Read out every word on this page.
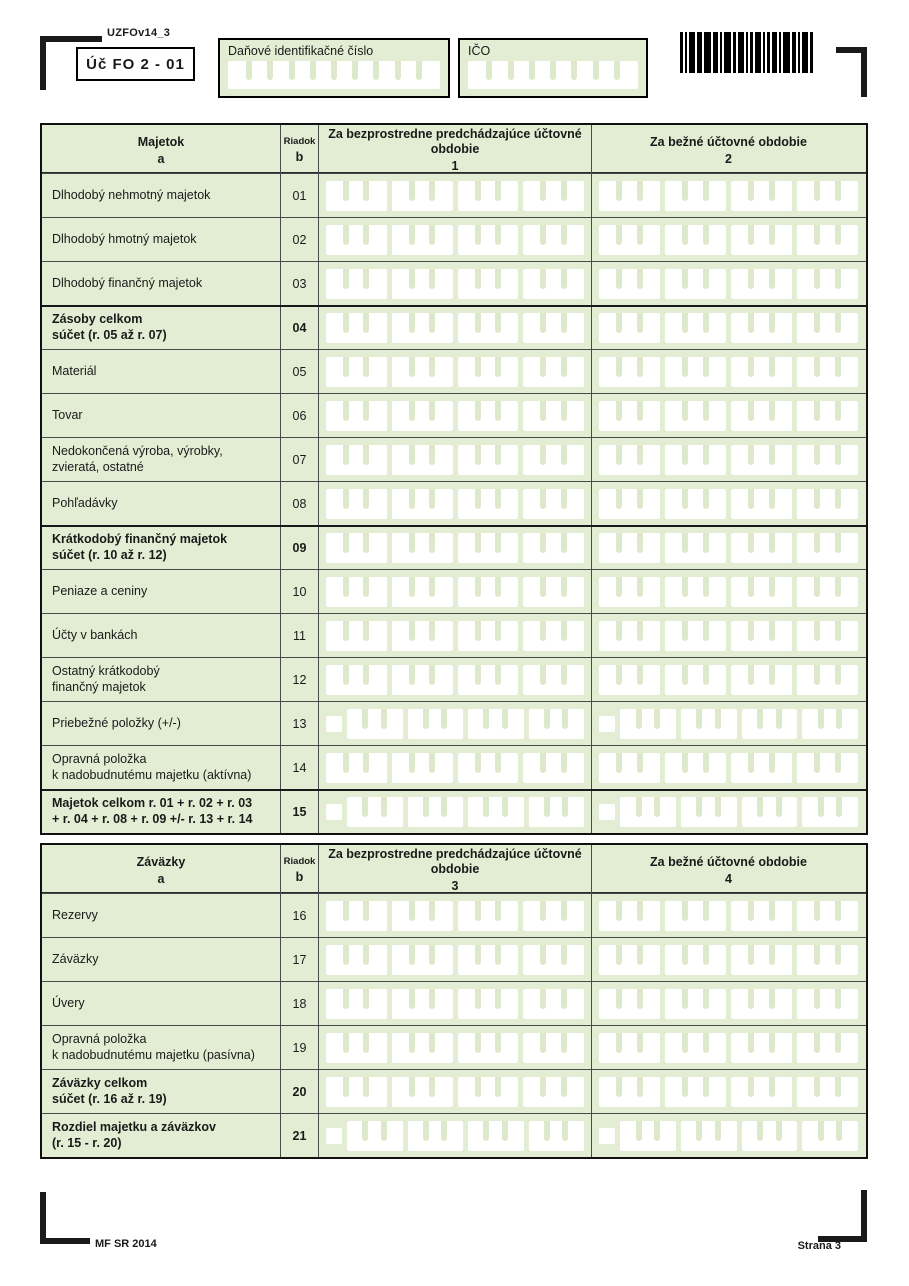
UZFOv14_3
Úč FO 2 - 01
Daňové identifikačné číslo	IČO
Majetok
a
Riadok
b
Za bezprostredne predchádzajúce účtovné obdobie
1
Za bežné účtovné obdobie
2
Dlhodobý nehmotný majetok	01
Dlhodobý hmotný majetok	02
Dlhodobý finančný majetok	03
Zásoby celkom
súčet (r. 05 až r. 07)	04
Materiál	05
Tovar	06
Nedokončená výroba, výrobky,
zvieratá, ostatné	07
Pohľadávky	08
Krátkodobý finančný majetok
súčet (r. 10 až r. 12)	09
Peniaze a ceniny	10
Účty v bankách	11
Ostatný krátkodobý
finančný majetok	12
Priebežné položky (+/-)	13
Opravná položka
k nadobudnutému majetku (aktívna)	14
Majetok celkom r. 01 + r. 02 + r. 03
+ r. 04 + r. 08 + r. 09 +/- r. 13 + r. 14	15
Záväzky
a
Riadok
b
Za bezprostredne predchádzajúce účtovné obdobie
3
Za bežné účtovné obdobie
4
Rezervy	16
Záväzky	17
Úvery	18
Opravná položka
k nadobudnutému majetku (pasívna)	19
Záväzky celkom
súčet (r. 16 až r. 19)	20
Rozdiel majetku a záväzkov
(r. 15 - r. 20)	21
MF SR 2014	Strana 3
